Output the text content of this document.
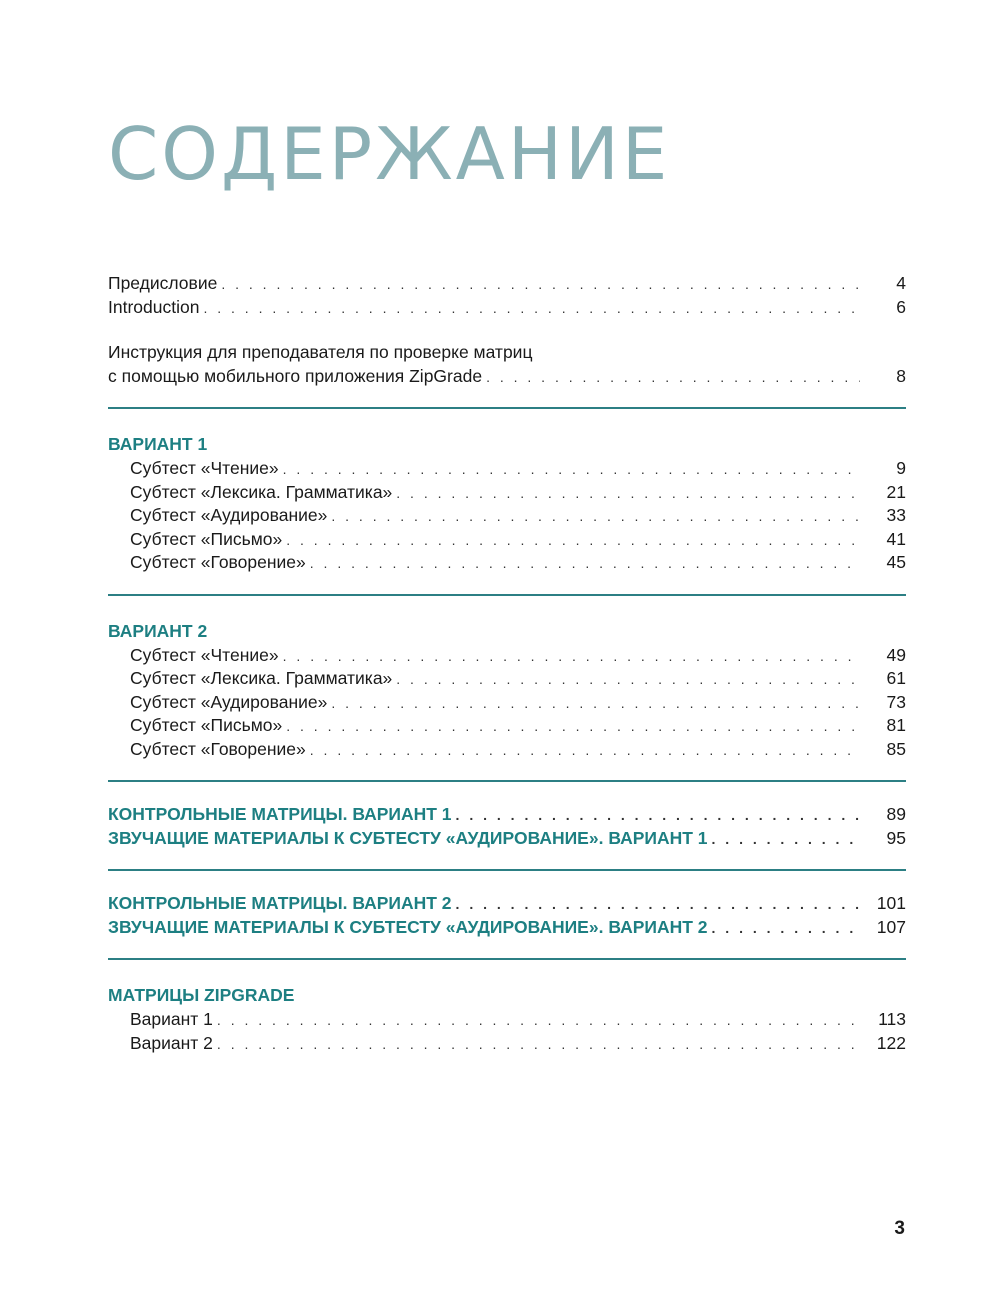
СОДЕРЖАНИЕ
Предисловие . . .	4
Introduction . . .	6
Инструкция для преподавателя по проверке матриц
с помощью мобильного приложения ZipGrade . . .	8
ВАРИАНТ 1
Субтест «Чтение» . . .	9
Субтест «Лексика. Грамматика» . . .	21
Субтест «Аудирование» . . .	33
Субтест «Письмо» . . .	41
Субтест «Говорение» . . .	45
ВАРИАНТ 2
Субтест «Чтение» . . .	49
Субтест «Лексика. Грамматика» . . .	61
Субтест «Аудирование» . . .	73
Субтест «Письмо» . . .	81
Субтест «Говорение» . . .	85
КОНТРОЛЬНЫЕ МАТРИЦЫ. ВАРИАНТ 1 . . .	89
ЗВУЧАЩИЕ МАТЕРИАЛЫ К СУБТЕСТУ «АУДИРОВАНИЕ». ВАРИАНТ 1 . . .	95
КОНТРОЛЬНЫЕ МАТРИЦЫ. ВАРИАНТ 2 . . .	101
ЗВУЧАЩИЕ МАТЕРИАЛЫ К СУБТЕСТУ «АУДИРОВАНИЕ». ВАРИАНТ 2 . . .	107
МАТРИЦЫ ZIPGRADE
Вариант 1 . . .	113
Вариант 2 . . .	122
3
